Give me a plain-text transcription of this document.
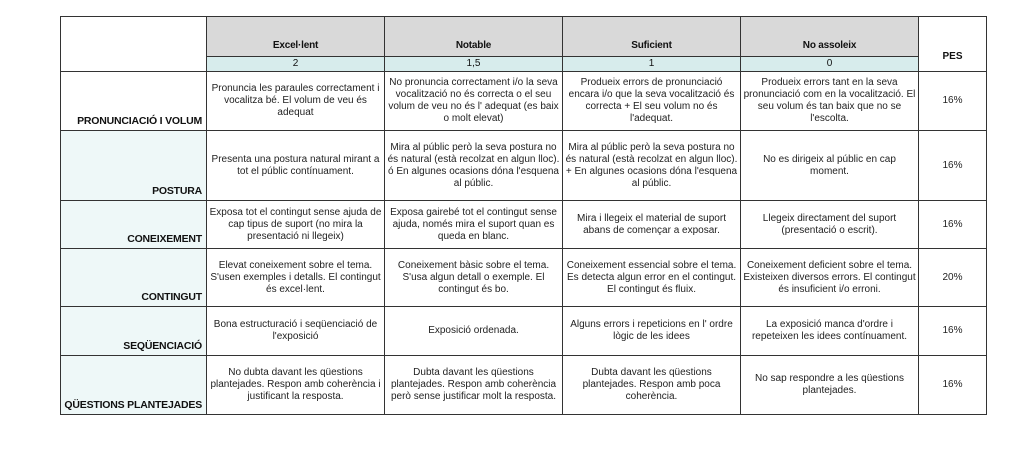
	Excel·lent	Notable	Suficient	No assoleix	PES
	2	1,5	1	0	
PRONUNCIACIÓ I VOLUM	Pronuncia les paraules correctament i vocalitza bé. El volum de veu és adequat	No pronuncia correctament i/o la seva vocalització no és correcta o el seu volum de veu no és l' adequat (es baix o molt elevat)	Produeix errors de pronunciació encara i/o que la seva vocalització és correcta + El seu volum no és l'adequat.	Produeix errors tant en la seva pronunciació com en la vocalització. El seu volum és tan baix que no se l'escolta.	16%
POSTURA	Presenta una postura natural mirant a tot el públic contínuament.	Mira al públic però la seva postura no és natural (està recolzat en algun lloc). ó En algunes ocasions dóna l'esquena al públic.	Mira al públic però la seva postura no és natural (està recolzat en algun lloc). + En algunes ocasions dóna l'esquena al públic.	No es dirigeix al públic en cap moment.	16%
CONEIXEMENT	Exposa tot el contingut sense ajuda de cap tipus de suport (no mira la presentació ni llegeix)	Exposa gairebé tot el contingut sense ajuda, només mira el suport quan es queda en blanc.	Mira i llegeix el material de suport abans de començar a exposar.	Llegeix directament del suport (presentació o escrit).	16%
CONTINGUT	Elevat coneixement sobre el tema. S'usen exemples i detalls. El contingut és excel·lent.	Coneixement bàsic sobre el tema. S'usa algun detall o exemple. El contingut és bo.	Coneixement essencial sobre el tema. Es detecta algun error en el contingut. El contingut és fluix.	Coneixement deficient sobre el tema. Existeixen diversos errors. El contingut és insuficient i/o erroni.	20%
SEQÜENCIACIÓ	Bona estructuració i seqüenciació de l'exposició	Exposició ordenada.	Alguns errors i repeticions en l' ordre lògic de les idees	La exposició manca d'ordre i repeteixen les idees contínuament.	16%
QÜESTIONS PLANTEJADES	No dubta davant les qüestions plantejades. Respon amb coherència i justificant la resposta.	Dubta davant les qüestions plantejades. Respon amb coherència però sense justificar molt la resposta.	Dubta davant les qüestions plantejades. Respon amb poca coherència.	No sap respondre a les qüestions plantejades.	16%
